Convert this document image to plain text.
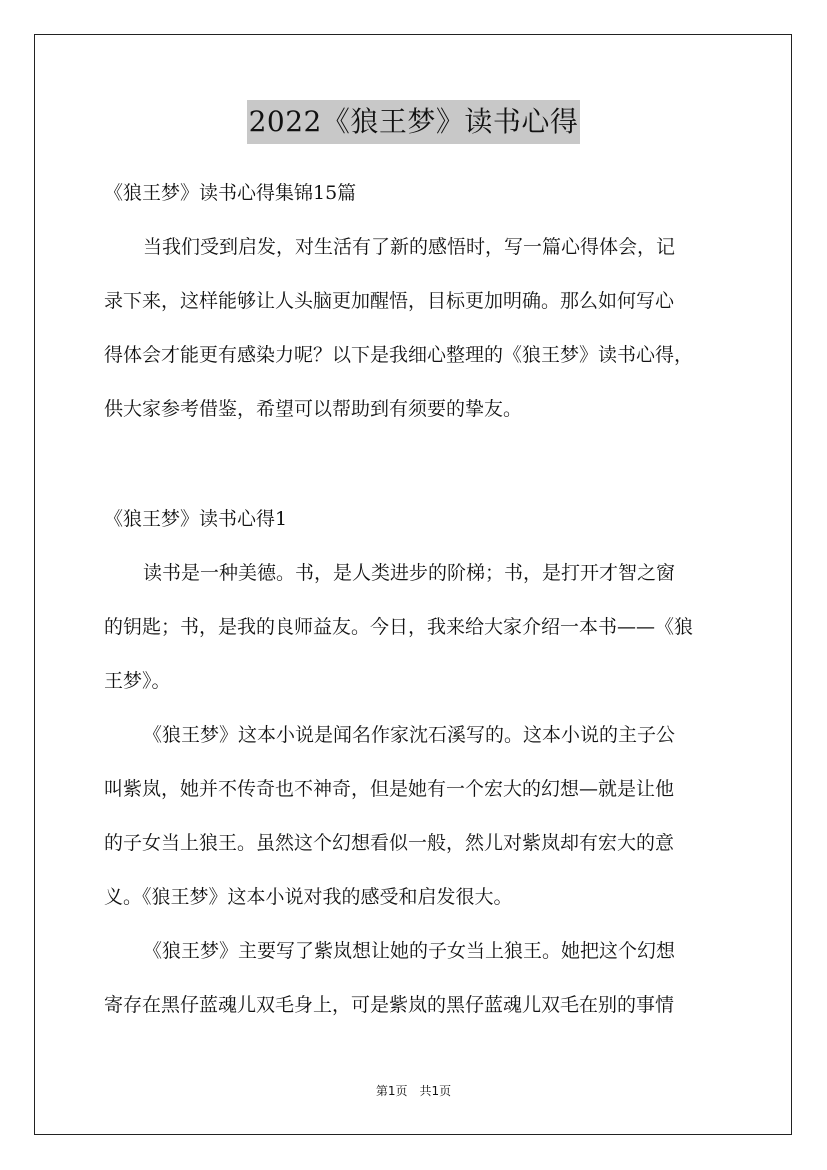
2022《狼王梦》读书心得
《狼王梦》读书心得集锦15篇
当我们受到启发，对生活有了新的感悟时，写一篇心得体会，记
录下来，这样能够让人头脑更加醒悟，目标更加明确。那么如何写心
得体会才能更有感染力呢？以下是我细心整理的《狼王梦》读书心得，
供大家参考借鉴，希望可以帮助到有须要的挚友。
《狼王梦》读书心得1
读书是一种美德。书，是人类进步的阶梯；书，是打开才智之窗
的钥匙；书，是我的良师益友。今日，我来给大家介绍一本书——《狼
王梦》。
《狼王梦》这本小说是闻名作家沈石溪写的。这本小说的主子公
叫紫岚，她并不传奇也不神奇，但是她有一个宏大的幻想—就是让他
的子女当上狼王。虽然这个幻想看似一般，然儿对紫岚却有宏大的意
义。《狼王梦》这本小说对我的感受和启发很大。
《狼王梦》主要写了紫岚想让她的子女当上狼王。她把这个幻想
寄存在黑仔蓝魂儿双毛身上，可是紫岚的黑仔蓝魂儿双毛在别的事情
第1页　共1页
